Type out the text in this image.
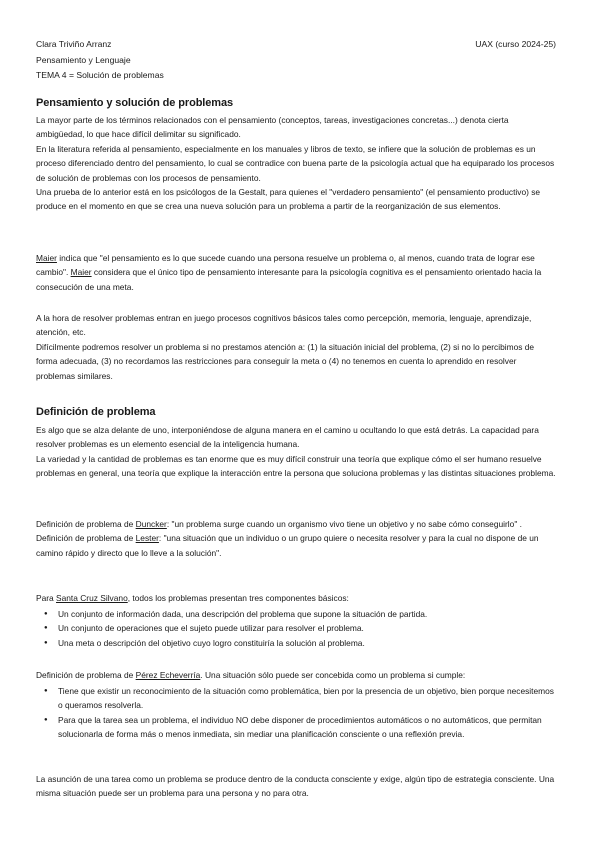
Clara Triviño Arranz	UAX (curso 2024-25)
Pensamiento y Lenguaje
TEMA 4 = Solución de problemas
Pensamiento y solución de problemas

La mayor parte de los términos relacionados con el pensamiento (conceptos, tareas, investigaciones concretas...) denota cierta ambigüedad, lo que hace difícil delimitar su significado.

En la literatura referida al pensamiento, especialmente en los manuales y libros de texto, se infiere que la solución de problemas es un proceso diferenciado dentro del pensamiento, lo cual se contradice con buena parte de la psicología actual que ha equiparado los procesos de solución de problemas con los procesos de pensamiento.

Una prueba de lo anterior está en los psicólogos de la Gestalt, para quienes el "verdadero pensamiento" (el pensamiento productivo) se produce en el momento en que se crea una nueva solución para un problema a partir de la reorganización de sus elementos.

Maier indica que "el pensamiento es lo que sucede cuando una persona resuelve un problema o, al menos, cuando trata de lograr ese cambio". Maier considera que el único tipo de pensamiento interesante para la psicología cognitiva es el pensamiento orientado hacia la consecución de una meta.

A la hora de resolver problemas entran en juego procesos cognitivos básicos tales como percepción, memoria, lenguaje, aprendizaje, atención, etc.

Difícilmente podremos resolver un problema si no prestamos atención a: (1) la situación inicial del problema, (2) si no lo percibimos de forma adecuada, (3) no recordamos las restricciones para conseguir la meta o (4) no tenemos en cuenta lo aprendido en resolver problemas similares.

Definición de problema

Es algo que se alza delante de uno, interponiéndose de alguna manera en el camino u ocultando lo que está detrás. La capacidad para resolver problemas es un elemento esencial de la inteligencia humana.

La variedad y la cantidad de problemas es tan enorme que es muy difícil construir una teoría que explique cómo el ser humano resuelve problemas en general, una teoría que explique la interacción entre la persona que soluciona problemas y las distintas situaciones problema.

Definición de problema de Duncker: "un problema surge cuando un organismo vivo tiene un objetivo y no sabe cómo conseguirlo" .

Definición de problema de Lester: "una situación que un individuo o un grupo quiere o necesita resolver y para la cual no dispone de un camino rápido y directo que lo lleve a la solución".

Para Santa Cruz Silvano, todos los problemas presentan tres componentes básicos:

● Un conjunto de información dada, una descripción del problema que supone la situación de partida.
● Un conjunto de operaciones que el sujeto puede utilizar para resolver el problema.
● Una meta o descripción del objetivo cuyo logro constituiría la solución al problema.

Definición de problema de Pérez Echeverría. Una situación sólo puede ser concebida como un problema si cumple:

● Tiene que existir un reconocimiento de la situación como problemática, bien por la presencia de un objetivo, bien porque necesitemos o queramos resolverla.
● Para que la tarea sea un problema, el individuo NO debe disponer de procedimientos automáticos o no automáticos, que permitan solucionarla de forma más o menos inmediata, sin mediar una planificación consciente o una reflexión previa.

La asunción de una tarea como un problema se produce dentro de la conducta consciente y exige, algún tipo de estrategia consciente. Una misma situación puede ser un problema para una persona y no para otra.
